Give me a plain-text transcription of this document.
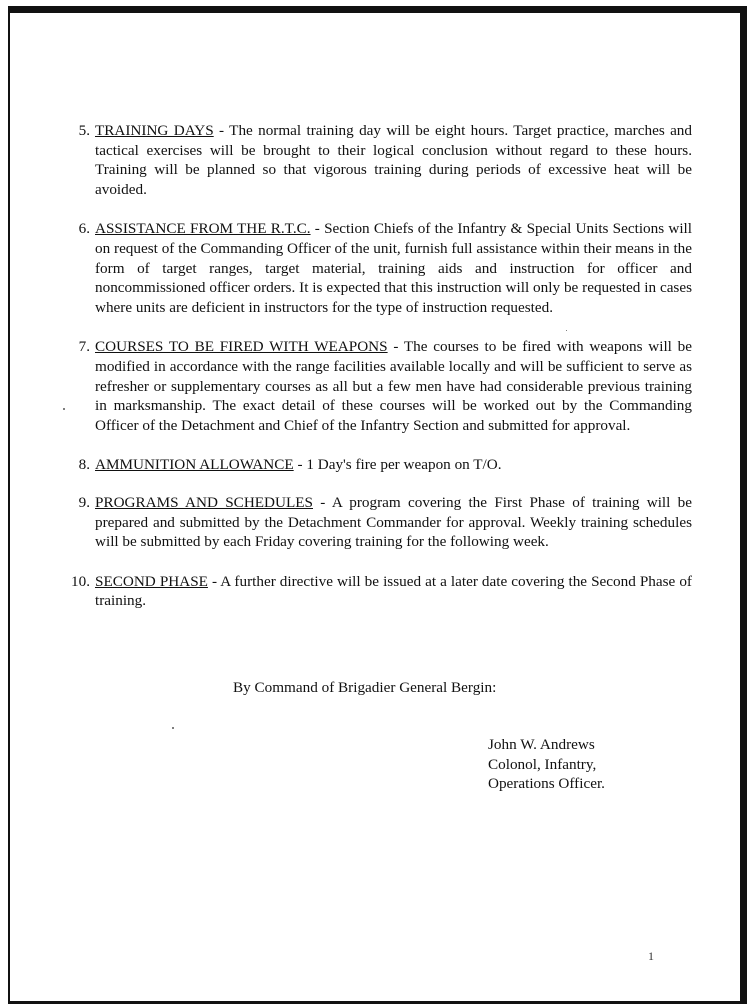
5. TRAINING DAYS - The normal training day will be eight hours. Target practice, marches and tactical exercises will be brought to their logical conclusion without regard to these hours. Training will be planned so that vigorous training during periods of excessive heat will be avoided.

6. ASSISTANCE FROM THE R.T.C. - Section Chiefs of the Infantry & Special Units Sections will on request of the Commanding Officer of the unit, furnish full assistance within their means in the form of target ranges, target material, training aids and instruction for officer and noncommissioned officer orders. It is expected that this instruction will only be requested in cases where units are deficient in instructors for the type of instruction requested.

7. COURSES TO BE FIRED WITH WEAPONS - The courses to be fired with weapons will be modified in accordance with the range facilities available locally and will be sufficient to serve as refresher or supplementary courses as all but a few men have had considerable previous training in marksmanship. The exact detail of these courses will be worked out by the Commanding Officer of the Detachment and Chief of the Infantry Section and submitted for approval.

8. AMMUNITION ALLOWANCE - 1 Day's fire per weapon on T/O.

9. PROGRAMS AND SCHEDULES - A program covering the First Phase of training will be prepared and submitted by the Detachment Commander for approval. Weekly training schedules will be submitted by each Friday covering training for the following week.

10. SECOND PHASE - A further directive will be issued at a later date covering the Second Phase of training.

By Command of Brigadier General Bergin:
John W. Andrews
Colonol, Infantry,
Operations Officer.
1
